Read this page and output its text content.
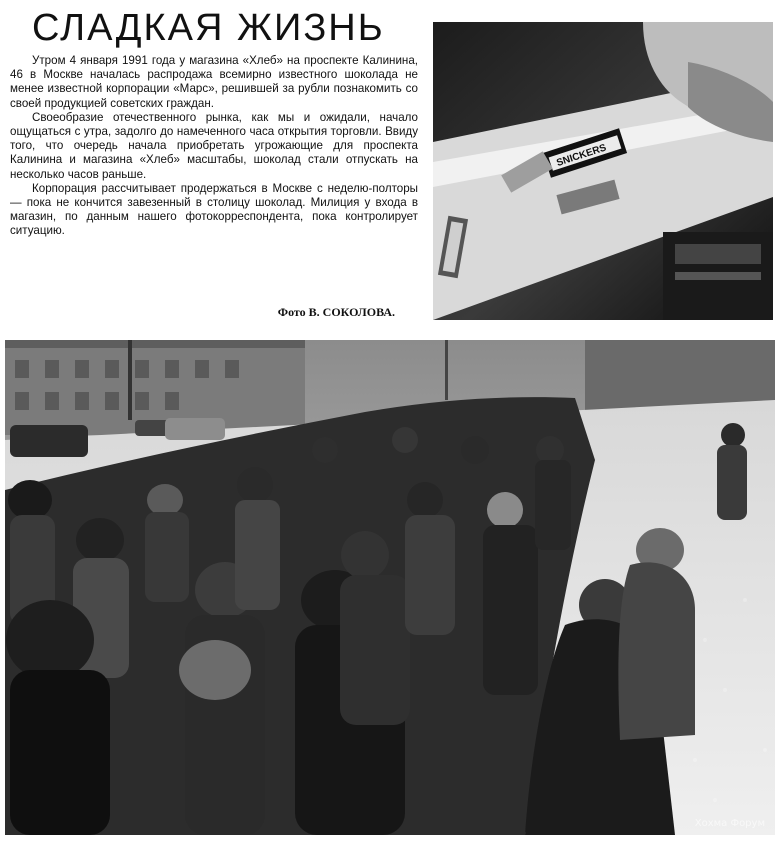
СЛАДКАЯ ЖИЗНЬ

Утром 4 января 1991 года у магазина «Хлеб» на проспекте Калинина, 46 в Москве началась распродажа всемирно известного шоколада не менее известной корпорации «Марс», решившей за рубли познакомить со своей продукцией советских граждан.

Своеобразие отечественного рынка, как мы и ожидали, начало ощущаться с утра, задолго до намеченного часа открытия торговли. Ввиду того, что очередь начала приобретать угрожающие для проспекта Калинина и магазина «Хлеб» масштабы, шоколад стали отпускать на несколько часов раньше.

Корпорация рассчитывает продержаться в Москве с неделю-полторы — пока не кончится завезенный в столицу шоколад. Милиция у входа в магазин, по данным нашего фотокорреспондента, пока контролирует ситуацию.

Фото В. СОКОЛОВА.
SNICKERS
Хохма Форум
